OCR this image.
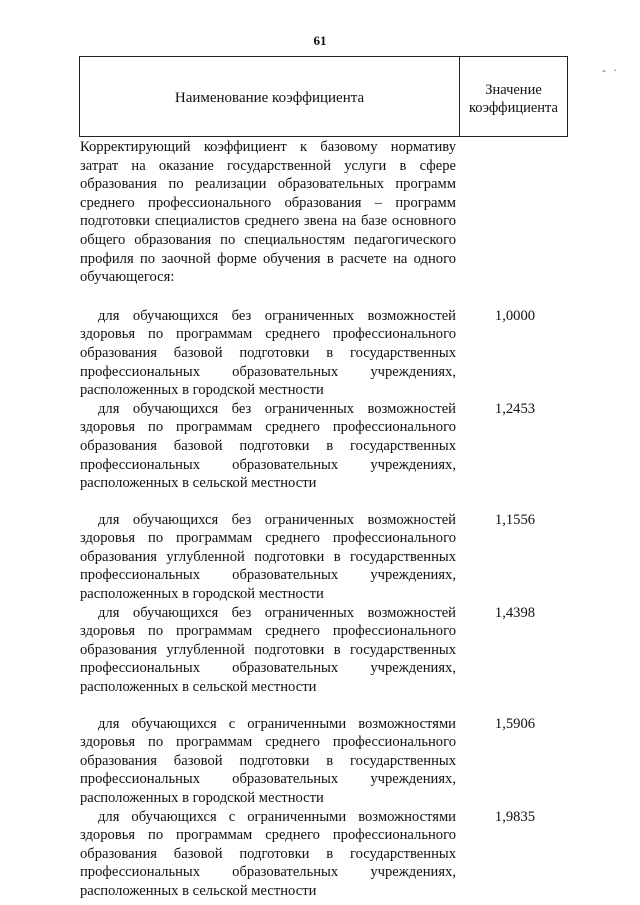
61
- ·
Наименование коэффициента
Значение
коэффициента

Корректирующий коэффициент к базовому нормативу затрат на оказание государственной услуги в сфере образования по реализации образовательных программ среднего профессионального образования – программ подготовки специалистов среднего звена на базе основного общего образования по специальностям педагогического профиля по заочной форме обучения в расчете на одного обучающегося:

для обучающихся без ограниченных возможностей здоровья по программам среднего профессионального образования базовой подготовки в государственных профессиональных образовательных учреждениях, расположенных в городской местности

1,0000

для обучающихся без ограниченных возможностей здоровья по программам среднего профессионального образования базовой подготовки в государственных профессиональных образовательных учреждениях, расположенных в сельской местности

1,2453

для обучающихся без ограниченных возможностей здоровья по программам среднего профессионального образования углубленной подготовки в государственных профессиональных образовательных учреждениях, расположенных в городской местности

1,1556

для обучающихся без ограниченных возможностей здоровья по программам среднего профессионального образования углубленной подготовки в государственных профессиональных образовательных учреждениях, расположенных в сельской местности

1,4398

для обучающихся с ограниченными возможностями здоровья по программам среднего профессионального образования базовой подготовки в государственных профессиональных образовательных учреждениях, расположенных в городской местности

1,5906

для обучающихся с ограниченными возможностями здоровья по программам среднего профессионального образования базовой подготовки в государственных профессиональных образовательных учреждениях, расположенных в сельской местности

1,9835
